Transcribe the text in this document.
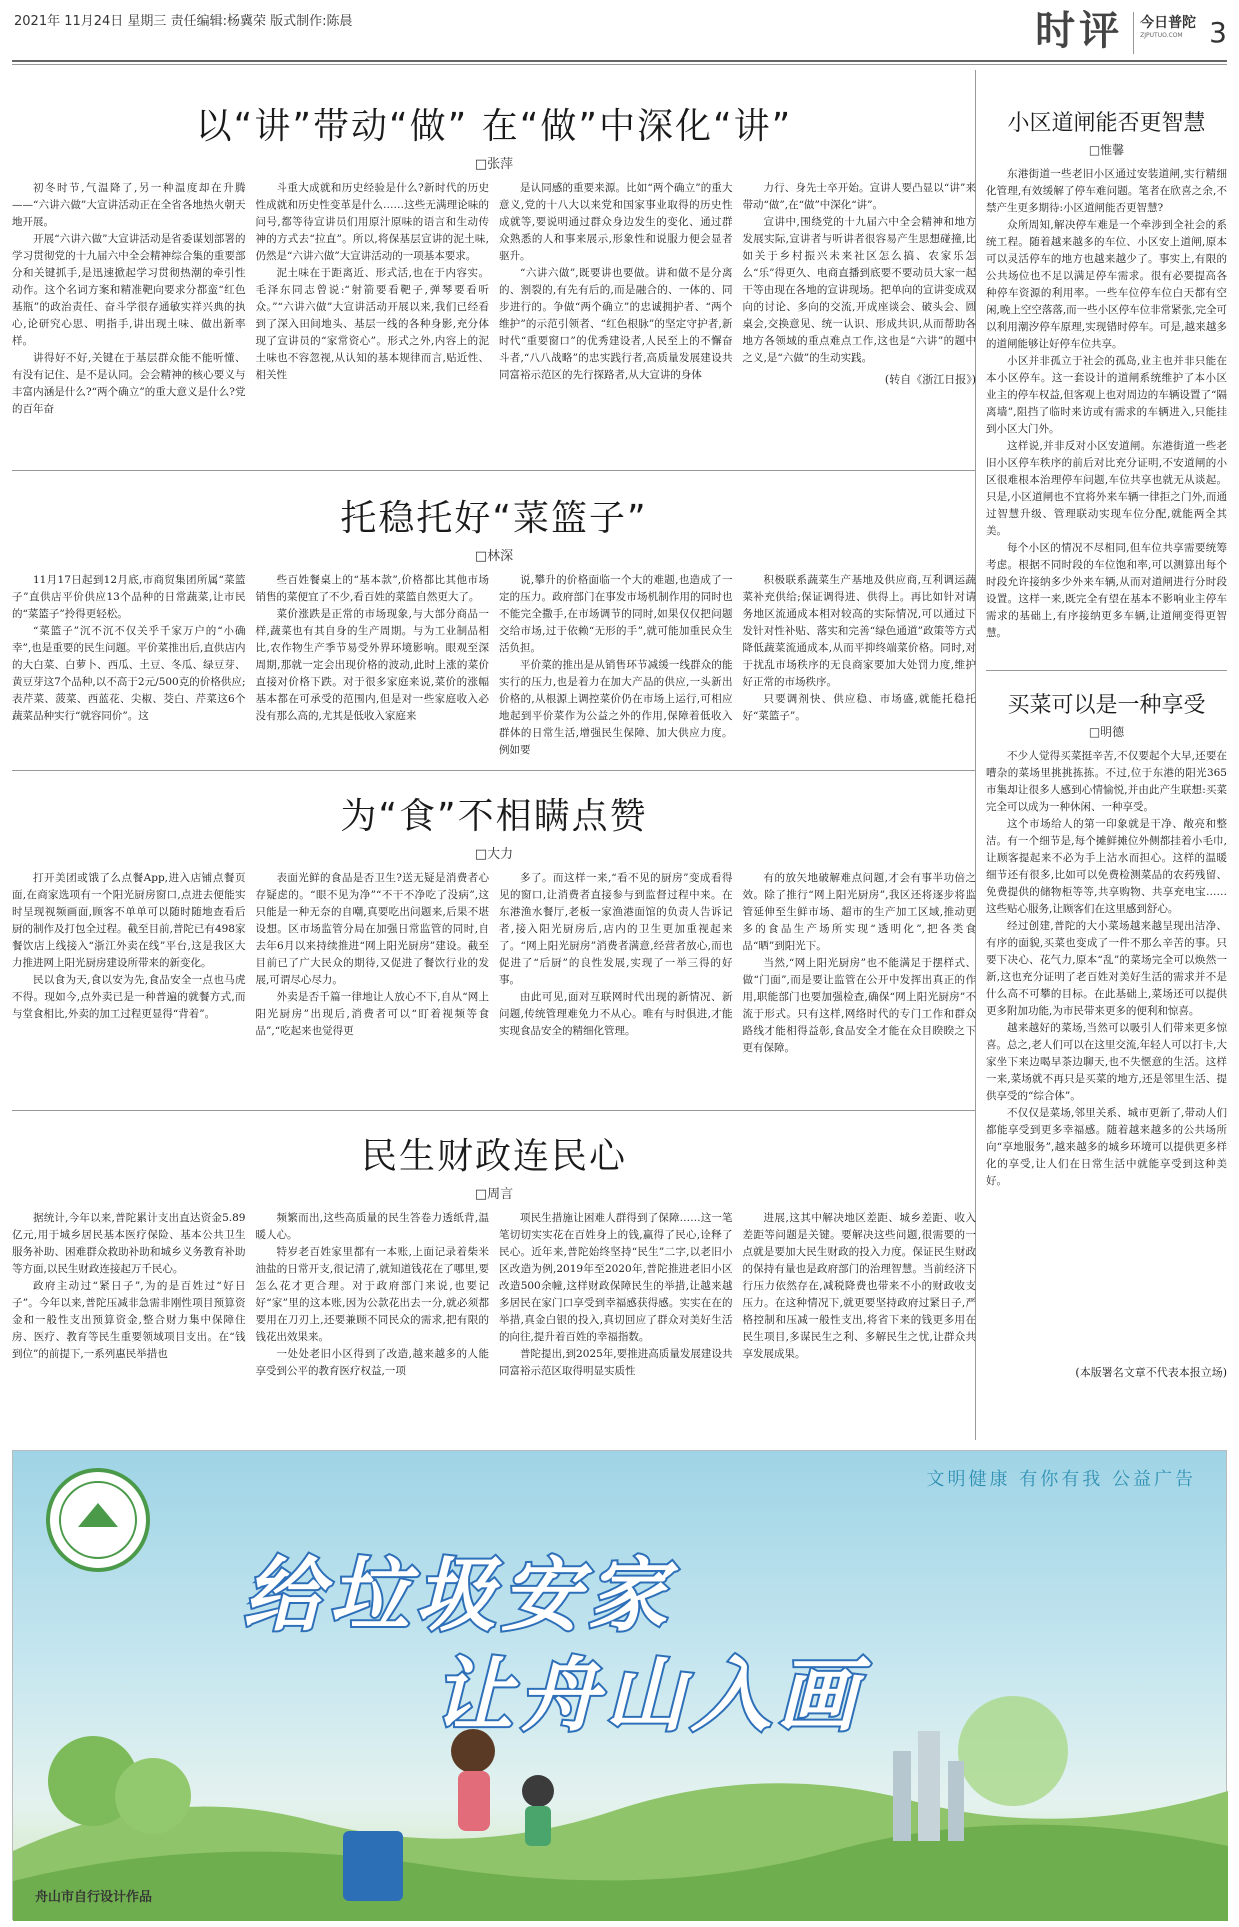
2021年 11月24日 星期三 责任编辑:杨冀荣 版式制作:陈晨	时评 今日普陀
ZJPUTUO.COM 3
以“讲”带动“做” 在“做”中深化“讲”
□张萍

初冬时节,气温降了,另一种温度却在升腾——“六讲六做”大宣讲活动正在全省各地热火朝天地开展。

开展“六讲六做”大宣讲活动是省委谋划部署的学习贯彻党的十九届六中全会精神综合集的重要部分和关键抓手,是迅速掀起学习贯彻热潮的牵引性动作。这个名词方案和精准靶向要求分都蛮“红色基瓶”的政治责任、奋斗学很存通敏实祥兴典的执心,论研究心思、明指手,讲出现土味、做出新率样。

讲得好不好,关键在于基层群众能不能听懂、有没有记住、是不是认同。会会精神的核心要义与丰富内涵是什么?“两个确立”的重大意义是什么?党的百年奋

斗重大成就和历史经验是什么?新时代的历史性成就和历史性变革是什么……这些无满理论味的问号,都等待宣讲员们用原汁原味的语言和生动传神的方式去“拉直”。所以,将保基层宣讲的泥土味,仍然是“六讲六做”大宣讲活动的一项基本要求。

泥土味在于距离近、形式活,也在于内容实。毛泽东同志曾说:“射箭要看靶子,弹琴要看听众。”“六讲六做”大宣讲活动开展以来,我们已经看到了深入田间地头、基层一线的各种身影,充分体现了宣讲员的“家常资心”。形式之外,内容上的泥土味也不容忽视,从认知的基本规律而言,贴近性、相关性

是认同感的重要来源。比如“两个确立”的重大意义,党的十八大以来党和国家事业取得的历史性成就等,要说明通过群众身边发生的变化、通过群众熟悉的人和事来展示,形象性和说服力便会显者驱升。

“六讲六做”,既要讲也要做。讲和做不是分离的、割裂的,有先有后的,而是融合的、一体的、同步进行的。争做“两个确立”的忠诚拥护者、“两个维护”的示范引领者、“红色根脉”的坚定守护者,新时代“重要窗口”的优秀建设者,人民至上的不懈奋斗者,“八八战略”的忠实践行者,高质量发展建设共同富裕示范区的先行探路者,从大宣讲的身体

力行、身先士卒开始。宣讲人要凸显以“讲”来带动“做”,在“做”中深化“讲”。

宣讲中,围绕党的十九届六中全会精神和地方发展实际,宣讲者与听讲者很容易产生思想碰撞,比如关于乡村振兴未来社区怎么搞、农家乐怎么“乐”得更久、电商直播到底要不要动员大家一起干等由现在各地的宣讲现场。把单向的宣讲变成双向的讨论、多向的交流,开成座谈会、破头会、圆桌会,交换意见、统一认识、形成共识,从而帮助各地方各领域的重点难点工作,这也是“六讲”的题中之义,是“六做”的生动实践。

(转自《浙江日报》)
托稳托好“菜篮子”
□林深

11月17日起到12月底,市商贸集团所属“菜篮子”直供店平价供应13个品种的日常蔬菜,让市民的“菜篮子”拎得更轻松。

“菜篮子”沉不沉不仅关乎千家万户的“小确幸”,也是重要的民生问题。平价菜推出后,直供店内的大白菜、白萝卜、西瓜、土豆、冬瓜、绿豆芽、黄豆芽这7个品种,以不高于2元/500克的价格供应;表芹菜、菠菜、西蓝花、尖椒、茭白、芹菜这6个蔬菜品种实行“就容同价”。这

些百姓餐桌上的“基本款”,价格都比其他市场销售的菜便宜了不少,看百姓的菜篮自然更大了。

菜价涨跌是正常的市场现象,与大部分商品一样,蔬菜也有其自身的生产周期。与为工业制品相比,农作物生产季节易受外界环境影响。眼观至深周期,那就一定会出现价格的波动,此时上涨的菜价直接对价格下跌。对于很多家庭来说,菜价的涨幅基本都在可承受的范围内,但是对一些家庭收入必没有那么高的,尤其是低收入家庭来

说,攀升的价格面临一个大的难题,也造成了一定的压力。政府部门在事发市场机制作用的同时也不能完全撒手,在市场调节的同时,如果仅仅把问题交给市场,过于依赖“无形的手”,就可能加重民众生活负担。

平价菜的推出是从销售环节减缓一线群众的能实行的压力,也是着力在加大产品的供应,一头新出价格的,从根源上调控菜价仍在市场上运行,可相应地起到平价菜作为公益之外的作用,保障着低收入群体的日常生活,增强民生保障、加大供应力度。例如要

积极联系蔬菜生产基地及供应商,互利调运蔬菜补充供给;保证调得进、供得上。再比如针对请务地区流通成本相对较高的实际情况,可以通过下发针对性补贴、落实和完善“绿色通道”政策等方式降低蔬菜流通成本,从而平抑终端菜价格。同时,对于扰乱市场秩序的无良商家要加大处罚力度,维护好正常的市场秩序。

只要调剂快、供应稳、市场盛,就能托稳托好“菜篮子”。

为“食”不相瞒点赞
□大力

打开美团或饿了么点餐App,进入店铺点餐页面,在商家选项有一个阳光厨房窗口,点进去便能实时呈现视频画面,顾客不单单可以随时随地查看后厨的制作及打包全过程。截至目前,普陀已有498家餐饮店上线接入“浙江外卖在线”平台,这是我区大力推进网上阳光厨房建设所带来的新变化。

民以食为天,食以安为先,食品安全一点也马虎不得。现如今,点外卖已是一种普遍的就餐方式,而与堂食相比,外卖的加工过程更显得“背着”。

表面光鲜的食品是否卫生?送无疑是消费者心存疑虑的。“眼不见为净”“不干不净吃了没病”,这只能是一种无奈的自嘲,真要吃出问题来,后果不堪设想。区市场监管分局在加强日常监管的同时,自去年6月以来持续推进“网上阳光厨房”建设。截至目前已了广大民众的期待,又促进了餐饮行业的发展,可谓尽心尽力。

外卖是否千篇一律地让人放心不下,自从“网上阳光厨房”出现后,消费者可以“盯着视频等食品”,“吃起来也觉得更

多了。而这样一来,“看不见的厨房”变成看得见的窗口,让消费者直接参与到监督过程中来。在东港渔水餐厅,老板一家渔港面馆的负责人告诉记者,接入阳光厨房后,店内的卫生更加重视起来了。“网上阳光厨房”消费者满意,经营者放心,而也促进了“后厨”的良性发展,实现了一举三得的好事。

由此可见,面对互联网时代出现的新情况、新问题,传统管理难免力不从心。唯有与时俱进,才能实现食品安全的精细化管理。

有的放矢地破解难点问题,才会有事半功倍之效。除了推行“网上阳光厨房”,我区还将逐步将监管延伸至生鲜市场、超市的生产加工区域,推动更多的食品生产场所实现“透明化”,把各类食品“晒”到阳光下。

当然,“网上阳光厨房”也不能满足于摆样式、做“门面”,而是要让监管在公开中发挥出真正的作用,职能部门也要加强检查,确保“网上阳光厨房”不流于形式。只有这样,网络时代的专门工作和群众路线才能相得益彰,食品安全才能在众目睽睽之下更有保障。

民生财政连民心
□周言

据统计,今年以来,普陀累计支出直达资金5.89亿元,用于城乡居民基本医疗保险、基本公共卫生服务补助、困难群众救助补助和城乡义务教育补助等方面,以民生财政连接起万千民心。

政府主动过“紧日子”,为的是百姓过“好日子”。今年以来,普陀压减非急需非刚性项目预算资金和一般性支出预算资金,整合财力集中保障住房、医疗、教育等民生重要领域项目支出。在“钱到位”的前提下,一系列惠民举措也

频繁而出,这些高质量的民生答卷力透纸背,温暖人心。

特岁老百姓家里都有一本账,上面记录着柴米油盐的日常开支,很记清了,就知道钱花在了哪里,要怎么花才更合理。对于政府部门来说,也要记好“家”里的这本账,因为公款花出去一分,就必须都要用在刀刃上,还要兼顾不同民众的需求,把有限的钱花出效果来。

一处处老旧小区得到了改造,越来越多的人能享受到公平的教育医疗权益,一项

项民生措施让困难人群得到了保障……这一笔笔切切实实花在百姓身上的钱,赢得了民心,诠释了民心。近年来,普陀始终坚持“民生”二字,以老旧小区改造为例,2019年至2020年,普陀推进老旧小区改造500余幢,这样财政保障民生的举措,让越来越多居民在家门口享受到幸福感获得感。实实在在的举措,真金白银的投入,真切回应了群众对美好生活的向往,提升着百姓的幸福指数。

普陀提出,到2025年,要推进高质量发展建设共同富裕示范区取得明显实质性

进展,这其中解决地区差距、城乡差距、收入差距等问题是关键。要解决这些问题,很需要的一点就是要加大民生财政的投入力度。保证民生财政的保持有量也是政府部门的治理智慧。当前经济下行压力依然存在,减税降费也带来不小的财政收支压力。在这种情况下,就更要坚持政府过紧日子,严格控制和压减一般性支出,将省下来的钱更多用在民生项目,多谋民生之利、多解民生之忧,让群众共享发展成果。

小区道闸能否更智慧
□惟馨

东港街道一些老旧小区通过安装道闸,实行精细化管理,有效缓解了停车难问题。笔者在欣喜之余,不禁产生更多期待:小区道闸能否更智慧?

众所周知,解决停车难是一个牵涉到全社会的系统工程。随着越来越多的车位、小区安上道闸,原本可以灵活停车的地方也越来越少了。事实上,有限的公共场位也不足以满足停车需求。很有必要提高各种停车资源的利用率。一些车位停车位白天都有空闲,晚上空空落落,而一些小区停车位非常紧张,完全可以利用潮汐停车原理,实现错时停车。可是,越来越多的道闸能够让好停车位共享。

小区并非孤立于社会的孤岛,业主也并非只能在本小区停车。这一套设计的道闸系统维护了本小区业主的停车权益,但客观上也对周边的车辆设置了“隔离墙”,阻挡了临时来访或有需求的车辆进入,只能挂到小区大门外。

这样说,并非反对小区安道闸。东港街道一些老旧小区停车秩序的前后对比充分证明,不安道闸的小区很难根本治理停车问题,车位共享也就无从谈起。只是,小区道闸也不宜将外来车辆一律拒之门外,而通过智慧升级、管理联动实现车位分配,就能两全其美。

每个小区的情况不尽相同,但车位共享需要统筹考虑。根据不同时段的车位饱和率,可以测算出每个时段允许接纳多少外来车辆,从而对道闸进行分时段设置。这样一来,既完全有望在基本不影响业主停车需求的基础上,有序接纳更多车辆,让道闸变得更智慧。

买菜可以是一种享受
□明德

不少人觉得买菜挺辛苦,不仅要起个大早,还要在嘈杂的菜场里挑挑拣拣。不过,位于东港的阳光365市集却让很多人感到心情愉悦,并由此产生联想:买菜完全可以成为一种休闲、一种享受。

这个市场给人的第一印象就是干净、敞亮和整洁。有一个细节是,每个摊鲜摊位外侧都挂着小毛巾,让顾客提起来不必为手上沾水而担心。这样的温暖细节还有很多,比如可以免费检测菜品的农药残留、免费提供的储物柜等等,共享购物、共享充电宝……这些贴心服务,让顾客们在这里感到舒心。

经过创建,普陀的大小菜场越来越呈现出洁净、有序的面貌,买菜也变成了一件不那么辛苦的事。只要下决心、花气力,原本“乱”的菜场完全可以焕然一新,这也充分证明了老百姓对美好生活的需求并不是什么高不可攀的目标。在此基础上,菜场还可以提供更多附加功能,为市民带来更多的便利和惊喜。

越来越好的菜场,当然可以吸引人们带来更多惊喜。总之,老人们可以在这里交流,年轻人可以打卡,大家坐下来边喝早茶边聊天,也不失惬意的生活。这样一来,菜场就不再只是买菜的地方,还是邻里生活、提供享受的“综合体”。

不仅仅是菜场,邻里关系、城市更新了,带动人们都能享受到更多幸福感。随着越来越多的公共场所向“享地服务”,越来越多的城乡环境可以提供更多样化的享受,让人们在日常生活中就能享受到这种美好。

(本版署名文章不代表本报立场)
文明健康 有你有我 公益广告
给垃圾安家
让舟山入画
舟山市自行设计作品
